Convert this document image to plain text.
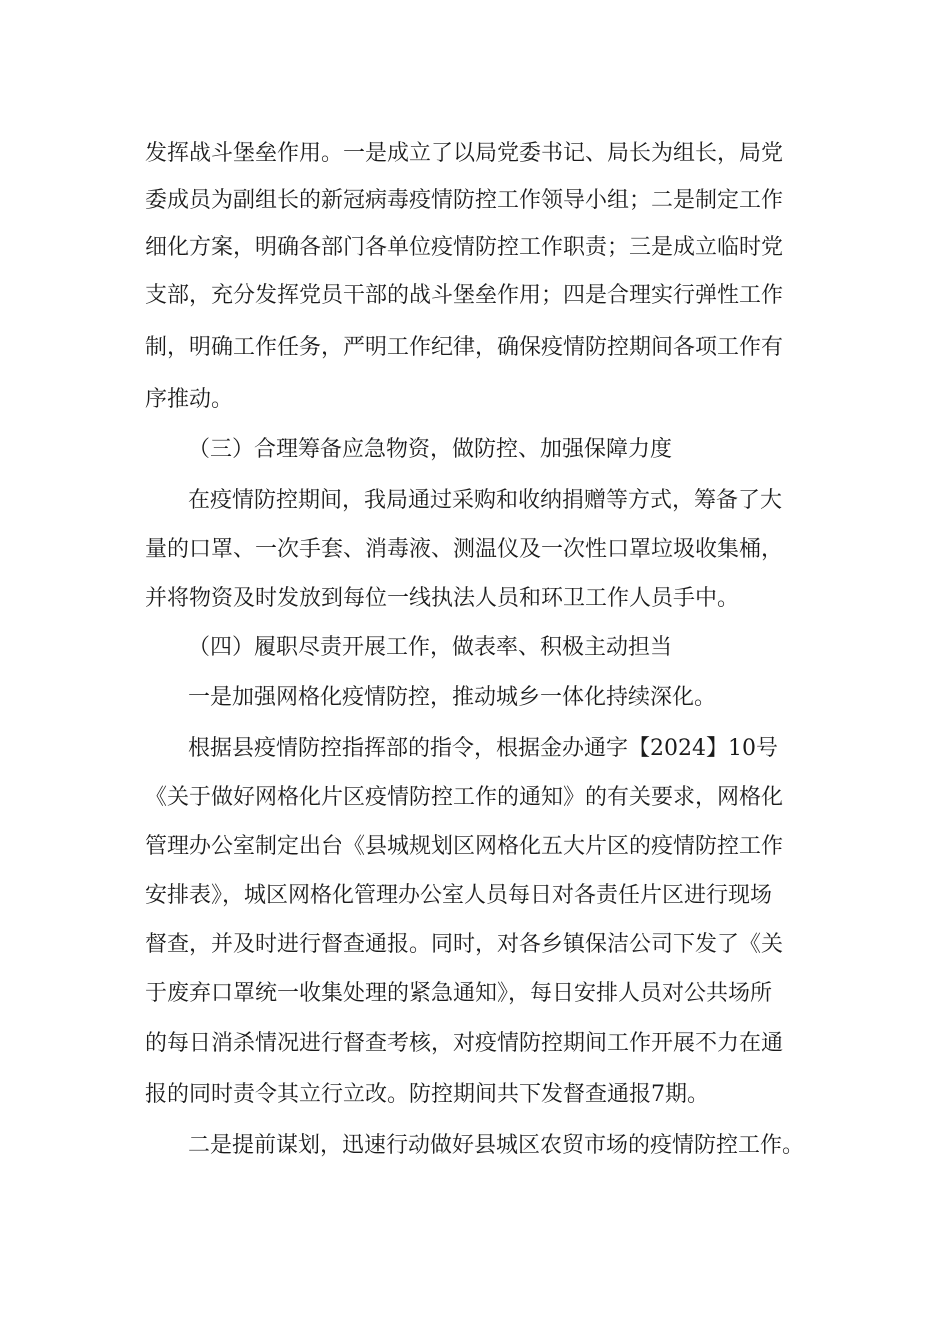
发挥战斗堡垒作用。一是成立了以局党委书记、局长为组长，局党
委成员为副组长的新冠病毒疫情防控工作领导小组；二是制定工作
细化方案，明确各部门各单位疫情防控工作职责；三是成立临时党
支部，充分发挥党员干部的战斗堡垒作用；四是合理实行弹性工作
制，明确工作任务，严明工作纪律，确保疫情防控期间各项工作有
序推动。
（三）合理筹备应急物资，做防控、加强保障力度
在疫情防控期间，我局通过采购和收纳捐赠等方式，筹备了大
量的口罩、一次手套、消毒液、测温仪及一次性口罩垃圾收集桶，
并将物资及时发放到每位一线执法人员和环卫工作人员手中。
（四）履职尽责开展工作，做表率、积极主动担当
一是加强网格化疫情防控，推动城乡一体化持续深化。
根据县疫情防控指挥部的指令，根据金办通字【2024】10号
《关于做好网格化片区疫情防控工作的通知》的有关要求，网格化
管理办公室制定出台《县城规划区网格化五大片区的疫情防控工作
安排表》，城区网格化管理办公室人员每日对各责任片区进行现场
督查，并及时进行督查通报。同时，对各乡镇保洁公司下发了《关
于废弃口罩统一收集处理的紧急通知》，每日安排人员对公共场所
的每日消杀情况进行督查考核，对疫情防控期间工作开展不力在通
报的同时责令其立行立改。防控期间共下发督查通报7期。
二是提前谋划，迅速行动做好县城区农贸市场的疫情防控工作。
